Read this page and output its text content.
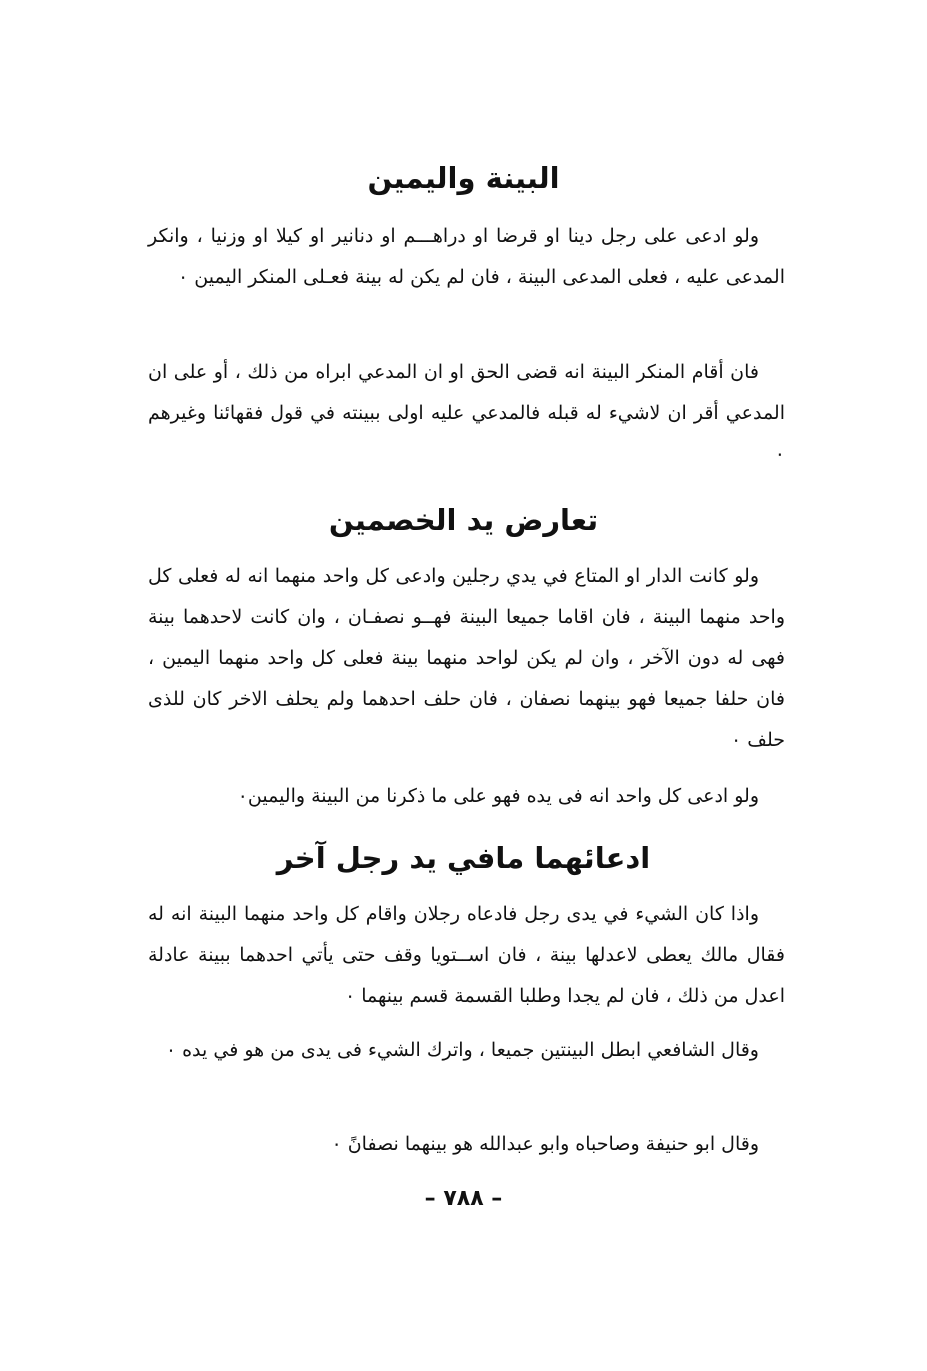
البينة واليمين

ولو ادعى على رجل دينا او قرضا او دراهـــم او دنانير او كيلا او وزنيا ، وانكر المدعى عليه ، فعلى المدعى البينة ، فان لم يكن له بينة فعـلى المنكر اليمين ٠

فان أقام المنكر البينة انه قضى الحق او ان المدعي ابراه من ذلك ، أو على ان المدعي أقر ان لاشيء له قبله فالمدعي عليه اولى ببينته في قول فقهائنا وغيرهم ٠

تعارض يد الخصمين

ولو كانت الدار او المتاع في يدي رجلين وادعى كل واحد منهما انه له فعلى كل واحد منهما البينة ، فان اقاما جميعا البينة فهــو نصفـان ، وان كانت لاحدهما بينة فهى له دون الآخر ، وان لم يكن لواحد منهما بينة فعلى كل واحد منهما اليمين ، فان حلفا جميعا فهو بينهما نصفان ، فان حلف احدهما ولم يحلف الاخر كان للذى حلف ٠

ولو ادعى كل واحد انه فى يده فهو على ما ذكرنا من البينة واليمين٠

ادعائهما مافي يد رجل آخر

واذا كان الشيء في يدى رجل فادعاه رجلان واقام كل واحد منهما البينة انه له فقال مالك يعطى لاعدلها بينة ، فان اســتويا وقف حتى يأتي احدهما ببينة عادلة اعدل من ذلك ، فان لم يجدا وطلبا القسمة قسم بينهما ٠

وقال الشافعي ابطل البينتين جميعا ، واترك الشيء فى يدى من هو في يده ٠

وقال ابو حنيفة وصاحباه وابو عبدالله هو بينهما نصفانً ٠

– ٧٨٨ –
